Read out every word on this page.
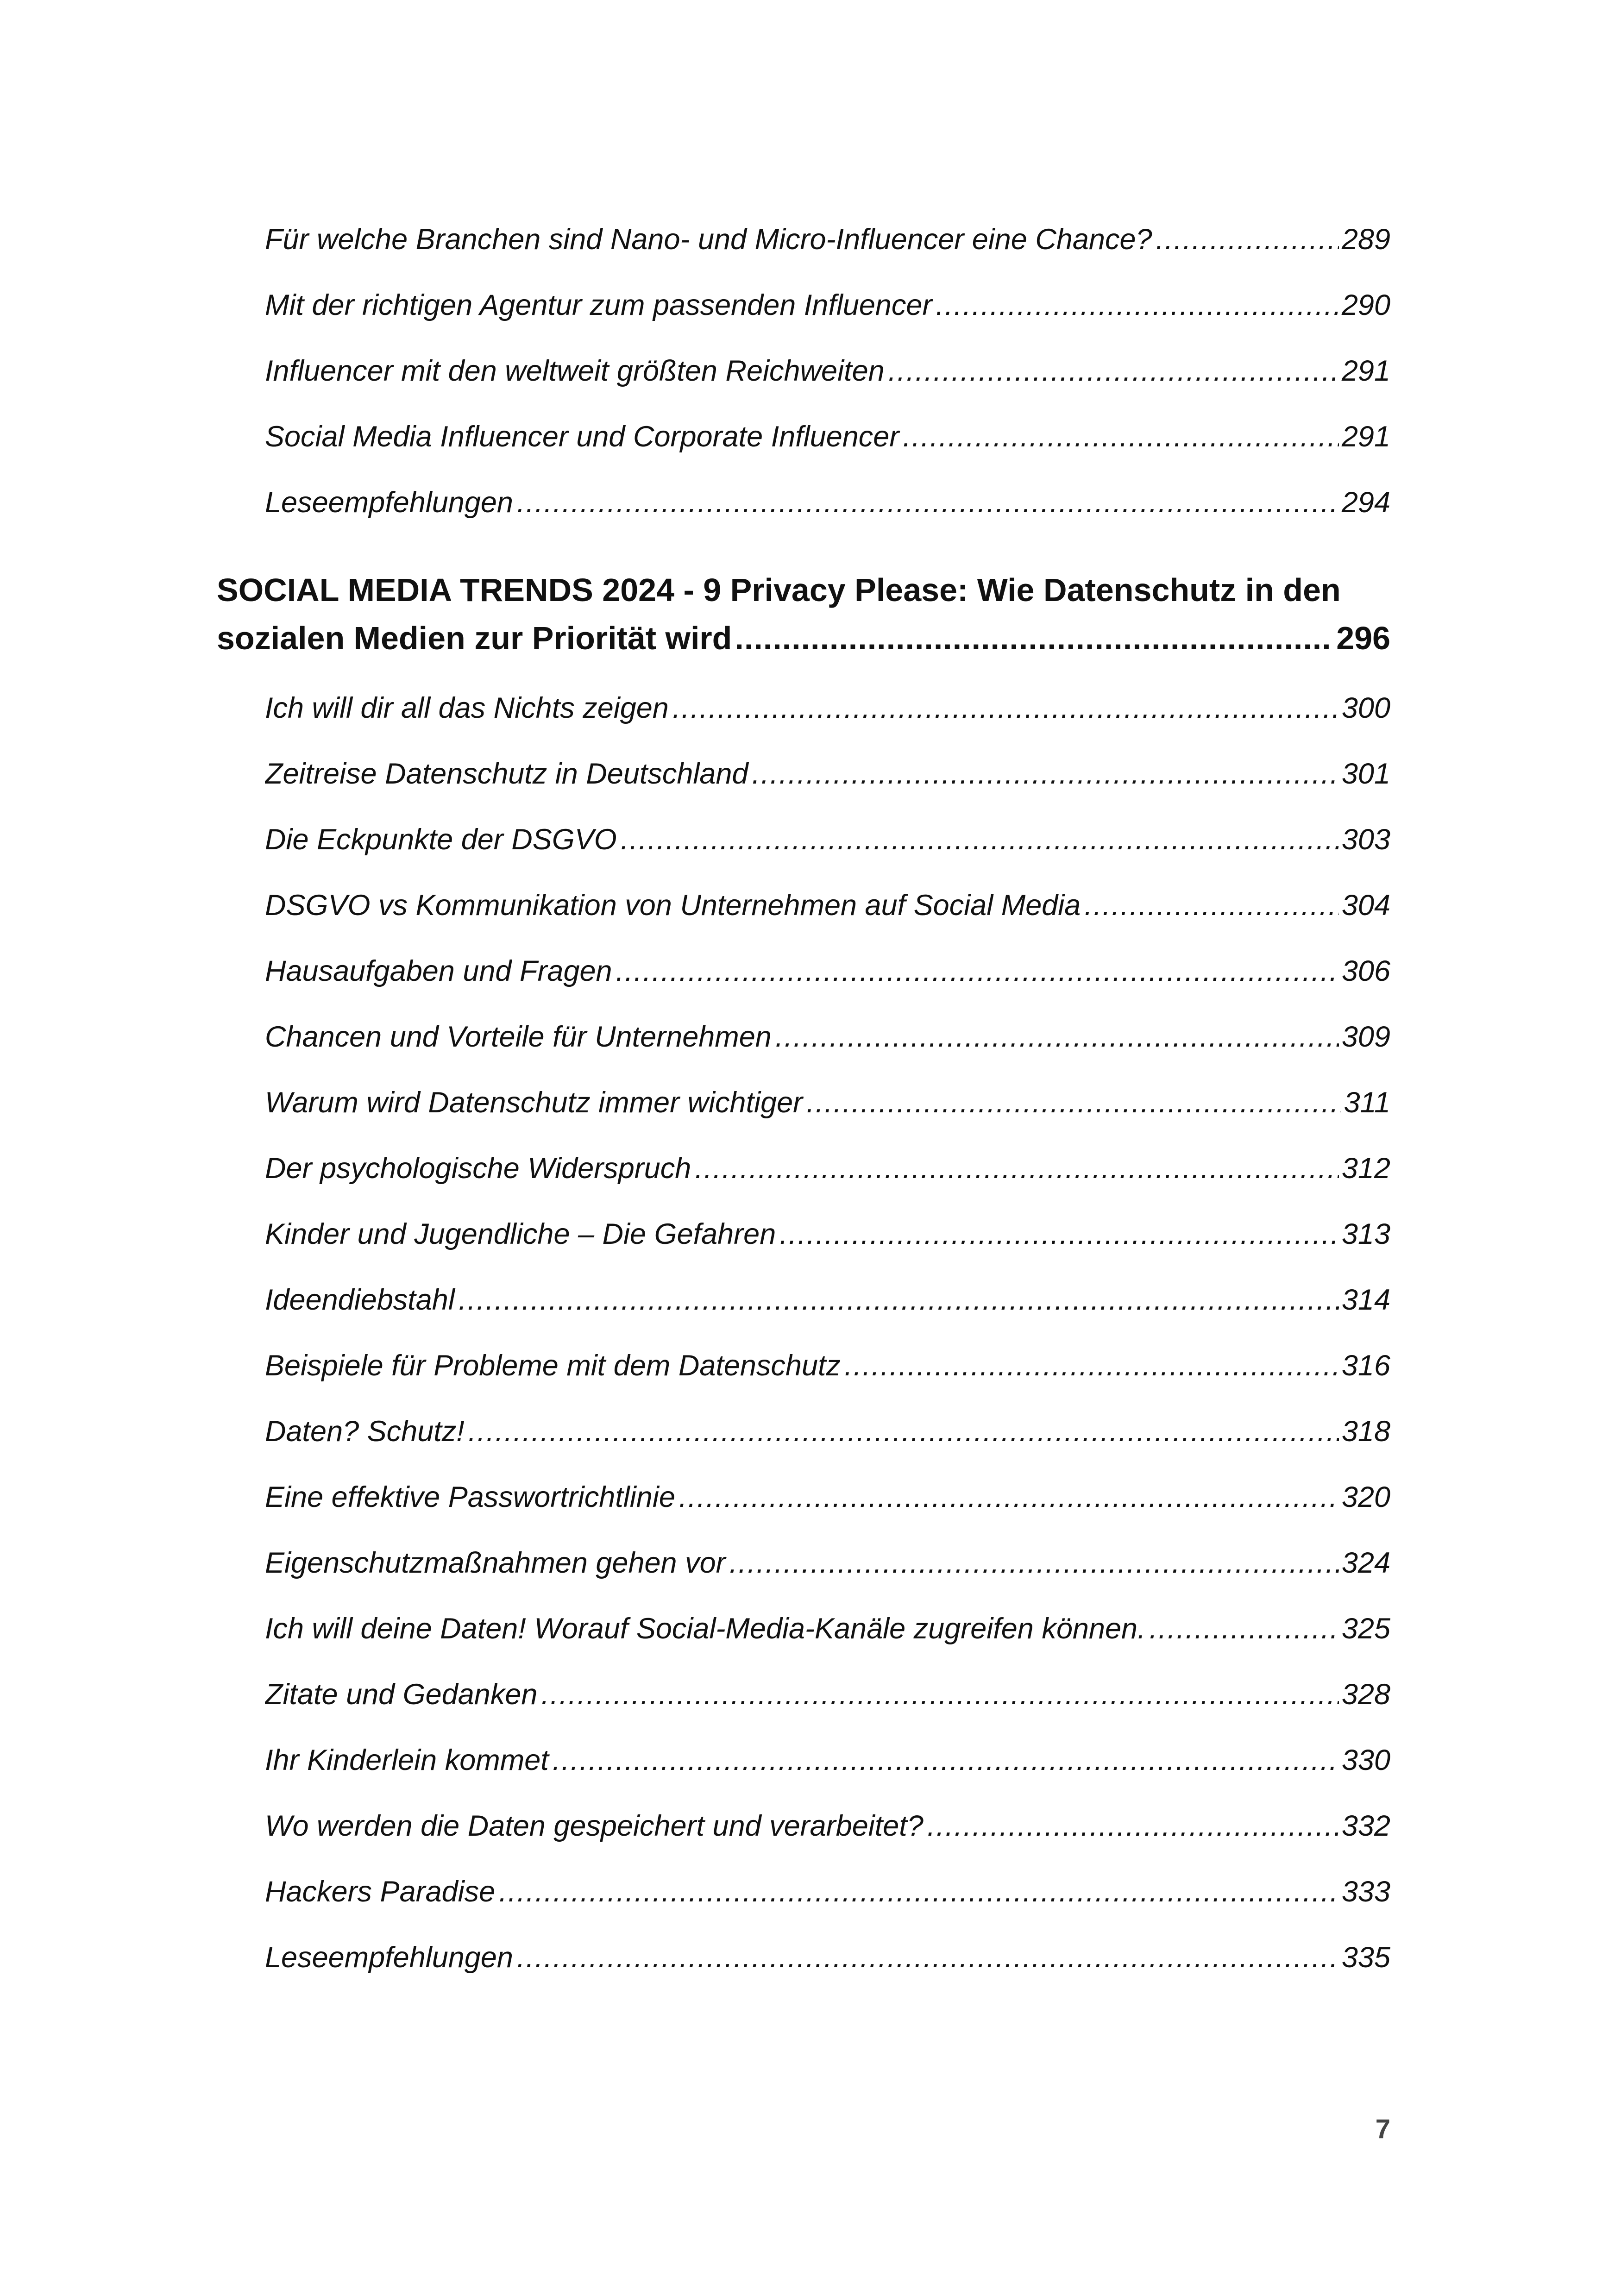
Für welche Branchen sind Nano- und Micro-Influencer eine Chance? .....	289
Mit der richtigen Agentur zum passenden Influencer .....	290
Influencer mit den weltweit größten Reichweiten .....	291
Social Media Influencer und Corporate Influencer .....	291
Leseempfehlungen .....	294
SOCIAL MEDIA TRENDS 2024 - 9 Privacy Please: Wie Datenschutz in den
sozialen Medien zur Priorität wird .....	296
Ich will dir all das Nichts zeigen .....	300
Zeitreise Datenschutz in Deutschland .....	301
Die Eckpunkte der DSGVO .....	303
DSGVO vs Kommunikation von Unternehmen auf Social Media .....	304
Hausaufgaben und Fragen .....	306
Chancen und Vorteile für Unternehmen .....	309
Warum wird Datenschutz immer wichtiger .....	311
Der psychologische Widerspruch .....	312
Kinder und Jugendliche – Die Gefahren .....	313
Ideendiebstahl .....	314
Beispiele für Probleme mit dem Datenschutz .....	316
Daten? Schutz! .....	318
Eine effektive Passwortrichtlinie .....	320
Eigenschutzmaßnahmen gehen vor .....	324
Ich will deine Daten! Worauf Social-Media-Kanäle zugreifen können. .....	325
Zitate und Gedanken .....	328
Ihr Kinderlein kommet .....	330
Wo werden die Daten gespeichert und verarbeitet? .....	332
Hackers Paradise .....	333
Leseempfehlungen .....	335
7
